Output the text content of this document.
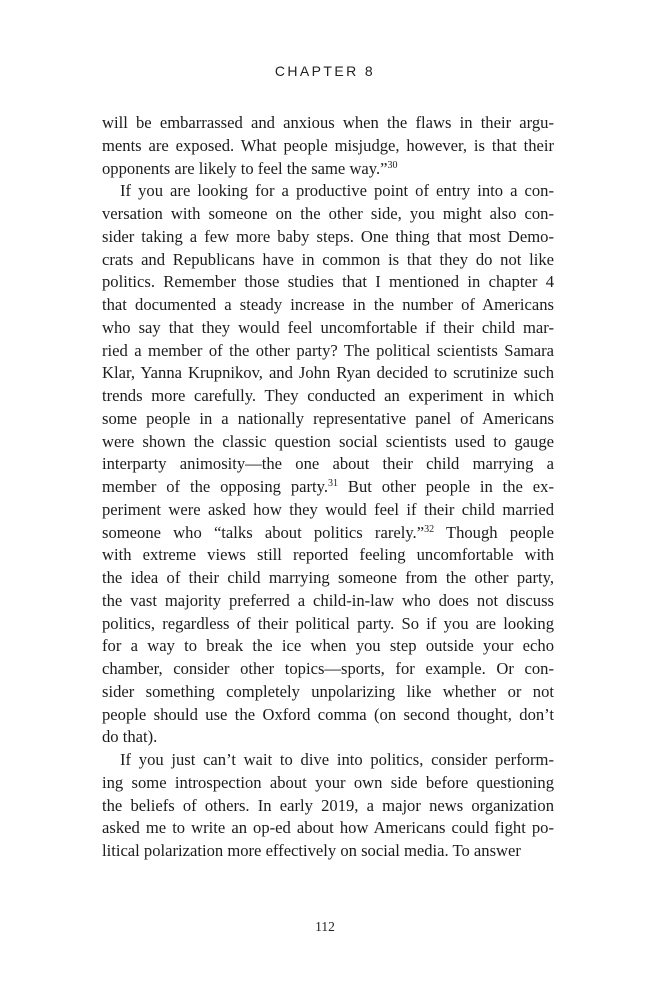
CHAPTER 8
will be embarrassed and anxious when the flaws in their argu-
ments are exposed. What people misjudge, however, is that their
opponents are likely to feel the same way.”$^{30}$
If you are looking for a productive point of entry into a con-
versation with someone on the other side, you might also con-
sider taking a few more baby steps. One thing that most Demo-
crats and Republicans have in common is that they do not like
politics. Remember those studies that I mentioned in chapter 4
that documented a steady increase in the number of Americans
who say that they would feel uncomfortable if their child mar-
ried a member of the other party? The political scientists Samara
Klar, Yanna Krupnikov, and John Ryan decided to scrutinize such
trends more carefully. They conducted an experiment in which
some people in a nationally representative panel of Americans
were shown the classic question social scientists used to gauge
interparty animosity—the one about their child marrying a
member of the opposing party.$^{31}$ But other people in the ex-
periment were asked how they would feel if their child married
someone who “talks about politics rarely.”$^{32}$ Though people
with extreme views still reported feeling uncomfortable with
the idea of their child marrying someone from the other party,
the vast majority preferred a child-in-law who does not discuss
politics, regardless of their political party. So if you are looking
for a way to break the ice when you step outside your echo
chamber, consider other topics—sports, for example. Or con-
sider something completely unpolarizing like whether or not
people should use the Oxford comma (on second thought, don’t
do that).
If you just can’t wait to dive into politics, consider perform-
ing some introspection about your own side before questioning
the beliefs of others. In early 2019, a major news organization
asked me to write an op-ed about how Americans could fight po-
litical polarization more effectively on social media. To answer
112
